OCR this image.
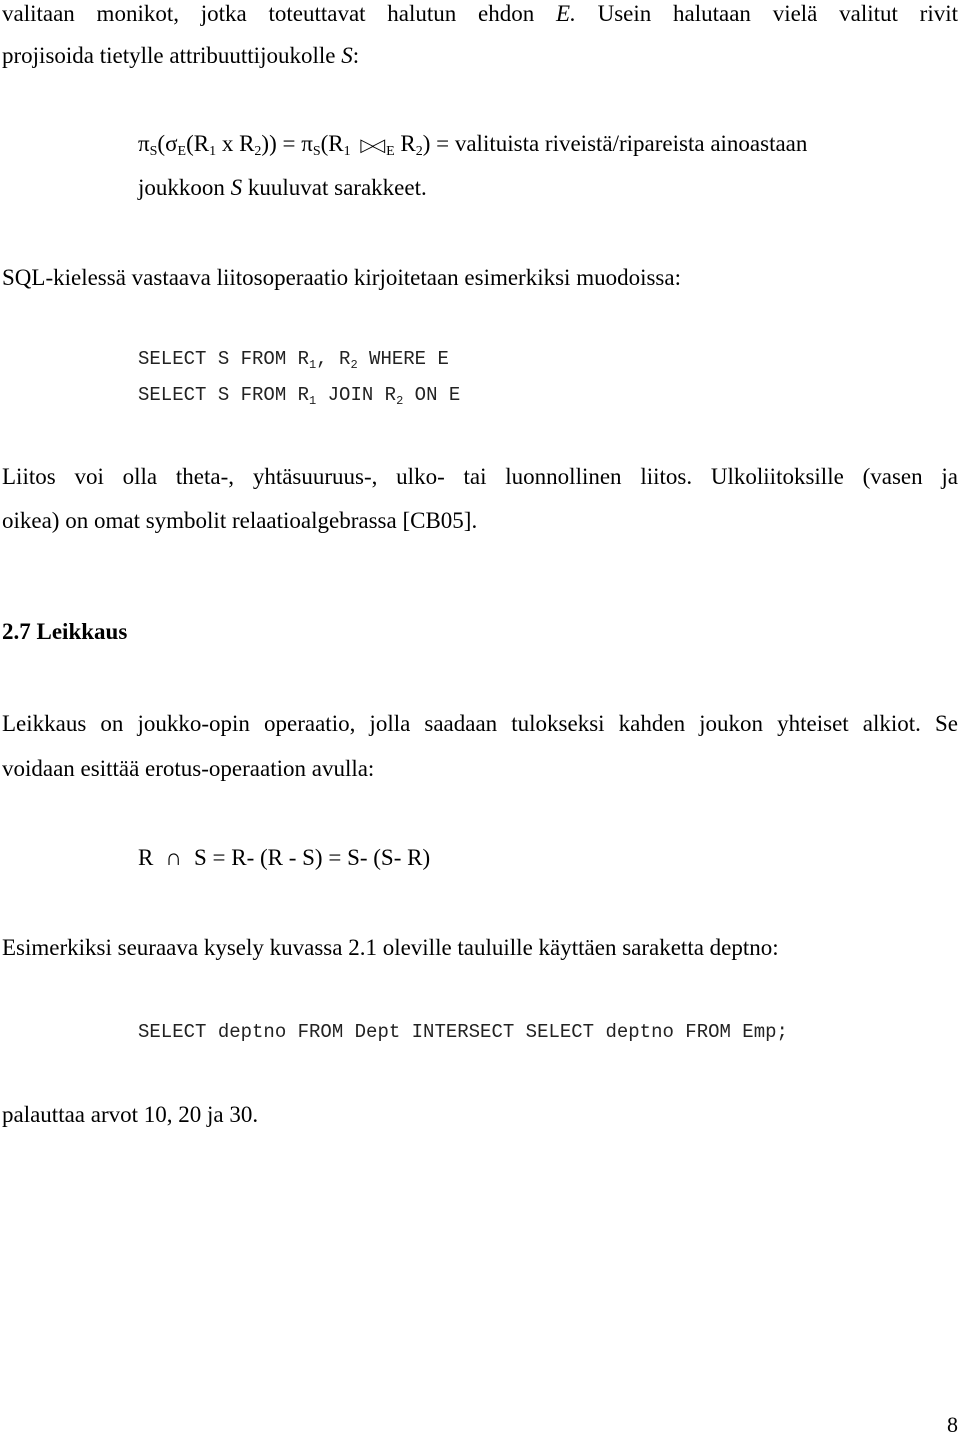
valitaan monikot, jotka toteuttavat halutun ehdon E. Usein halutaan vielä valitut rivit
projisoida tietylle attribuuttijoukolle S:
$\pi_S(\sigma_E(R_1$ x $R_2)) = \pi_S(R_1$ ▷◁ $_E$ $R_2$) = valituista riveistä/ripareista ainoastaan
joukkoon S kuuluvat sarakkeet.
SQL-kielessä vastaava liitosoperaatio kirjoitetaan esimerkiksi muodoissa:
SELECT S FROM $R_1$, $R_2$ WHERE E
SELECT S FROM $R_1$ JOIN $R_2$ ON E
Liitos voi olla theta-, yhtäsuuruus-, ulko- tai luonnollinen liitos. Ulkoliitoksille (vasen ja
oikea) on omat symbolit relaatioalgebrassa [CB05].
2.7 Leikkaus
Leikkaus on joukko-opin operaatio, jolla saadaan tulokseksi kahden joukon yhteiset alkiot. Se
voidaan esittää erotus-operaation avulla:
R ∩ S = R- (R - S) = S- (S- R)
Esimerkiksi seuraava kysely kuvassa 2.1 oleville tauluille käyttäen saraketta deptno:
SELECT deptno FROM Dept INTERSECT SELECT deptno FROM Emp;
palauttaa arvot 10, 20 ja 30.
8
